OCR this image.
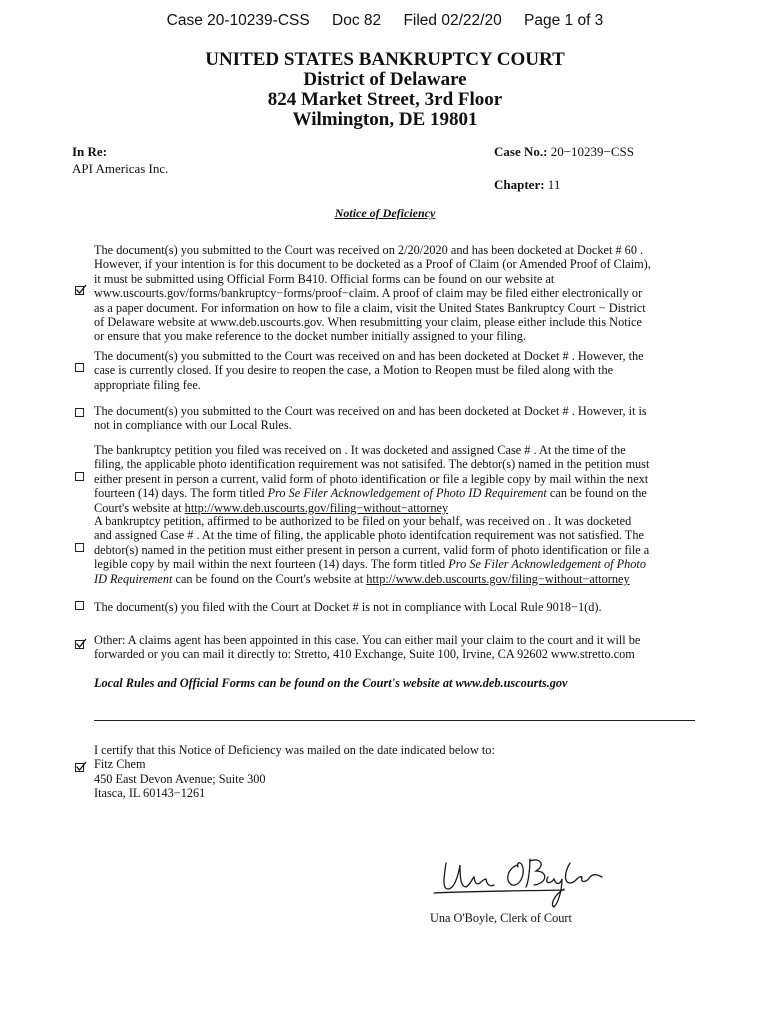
Case 20-10239-CSS Doc 82 Filed 02/22/20 Page 1 of 3
UNITED STATES BANKRUPTCY COURT
District of Delaware
824 Market Street, 3rd Floor
Wilmington, DE 19801
In Re:
API Americas Inc.
Case No.: 20−10239−CSS
Chapter: 11
Notice of Deficiency
The document(s) you submitted to the Court was received on 2/20/2020 and has been docketed at Docket # 60 .
However, if your intention is for this document to be docketed as a Proof of Claim (or Amended Proof of Claim),
it must be submitted using Official Form B410. Official forms can be found on our website at
www.uscourts.gov/forms/bankruptcy−forms/proof−claim. A proof of claim may be filed either electronically or
as a paper document. For information on how to file a claim, visit the United States Bankruptcy Court − District
of Delaware website at www.deb.uscourts.gov. When resubmitting your claim, please either include this Notice
or ensure that you make reference to the docket number initially assigned to your filing.
The document(s) you submitted to the Court was received on and has been docketed at Docket # . However, the
case is currently closed. If you desire to reopen the case, a Motion to Reopen must be filed along with the
appropriate filing fee.
The document(s) you submitted to the Court was received on and has been docketed at Docket # . However, it is
not in compliance with our Local Rules.
The bankruptcy petition you filed was received on . It was docketed and assigned Case # . At the time of the
filing, the applicable photo identification requirement was not satisifed. The debtor(s) named in the petition must
either present in person a current, valid form of photo identification or file a legible copy by mail within the next
fourteen (14) days. The form titled Pro Se Filer Acknowledgement of Photo ID Requirement can be found on the
Court's website at http://www.deb.uscourts.gov/filing−without−attorney
A bankruptcy petition, affirmed to be authorized to be filed on your behalf, was received on . It was docketed
and assigned Case # . At the time of filing, the applicable photo identifcation requirement was not satisfied. The
debtor(s) named in the petition must either present in person a current, valid form of photo identification or file a
legible copy by mail within the next fourteen (14) days. The form titled Pro Se Filer Acknowledgement of Photo
ID Requirement can be found on the Court's website at http://www.deb.uscourts.gov/filing−without−attorney
The document(s) you filed with the Court at Docket # is not in compliance with Local Rule 9018−1(d).
Other: A claims agent has been appointed in this case. You can either mail your claim to the court and it will be
forwarded or you can mail it directly to: Stretto, 410 Exchange, Suite 100, Irvine, CA 92602 www.stretto.com
Local Rules and Official Forms can be found on the Court's website at www.deb.uscourts.gov
I certify that this Notice of Deficiency was mailed on the date indicated below to:
Fitz Chem
450 East Devon Avenue; Suite 300
Itasca, IL 60143−1261
Una O'Boyle, Clerk of Court
